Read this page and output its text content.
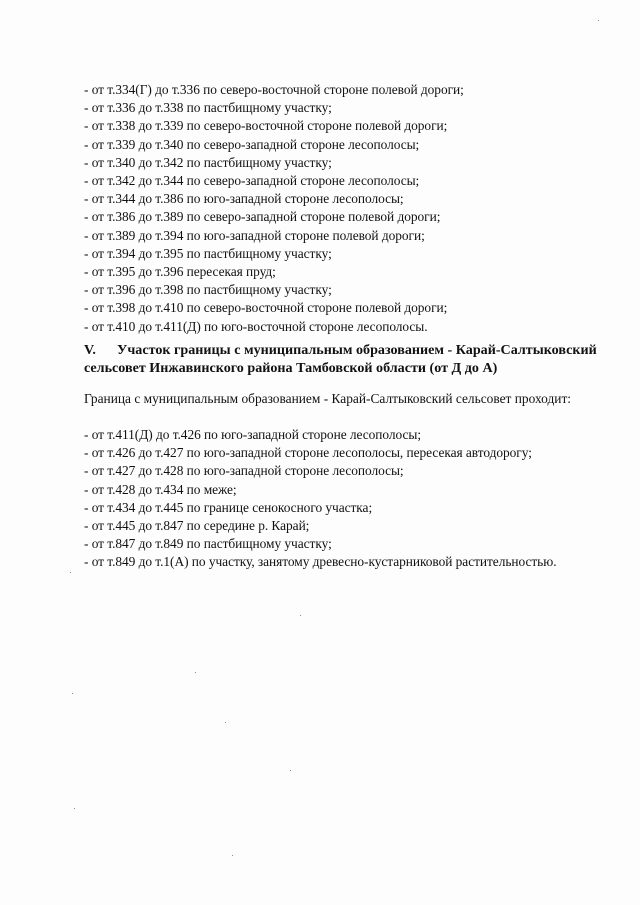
- от т.334(Г) до т.336 по северо-восточной стороне полевой дороги;
- от т.336 до т.338 по пастбищному участку;
- от т.338 до т.339 по северо-восточной стороне полевой дороги;
- от т.339 до т.340 по северо-западной стороне лесополосы;
- от т.340 до т.342 по пастбищному участку;
- от т.342 до т.344 по северо-западной стороне лесополосы;
- от т.344 до т.386 по юго-западной стороне лесополосы;
- от т.386 до т.389 по северо-западной стороне полевой дороги;
- от т.389 до т.394 по юго-западной стороне полевой дороги;
- от т.394 до т.395 по пастбищному участку;
- от т.395 до т.396 пересекая пруд;
- от т.396 до т.398 по пастбищному участку;
- от т.398 до т.410 по северо-восточной стороне полевой дороги;
- от т.410 до т.411(Д) по юго-восточной стороне лесополосы.
V. Участок границы с муниципальным образованием - Карай-Салтыковский сельсовет Инжавинского района Тамбовской области (от Д до А)
Граница с муниципальным образованием - Карай-Салтыковский сельсовет проходит:
- от т.411(Д) до т.426 по юго-западной стороне лесополосы;
- от т.426 до т.427 по юго-западной стороне лесополосы, пересекая автодорогу;
- от т.427 до т.428 по юго-западной стороне лесополосы;
- от т.428 до т.434 по меже;
- от т.434 до т.445 по границе сенокосного участка;
- от т.445 до т.847 по середине р. Карай;
- от т.847 до т.849 по пастбищному участку;
- от т.849 до т.1(А) по участку, занятому древесно-кустарниковой растительностью.
